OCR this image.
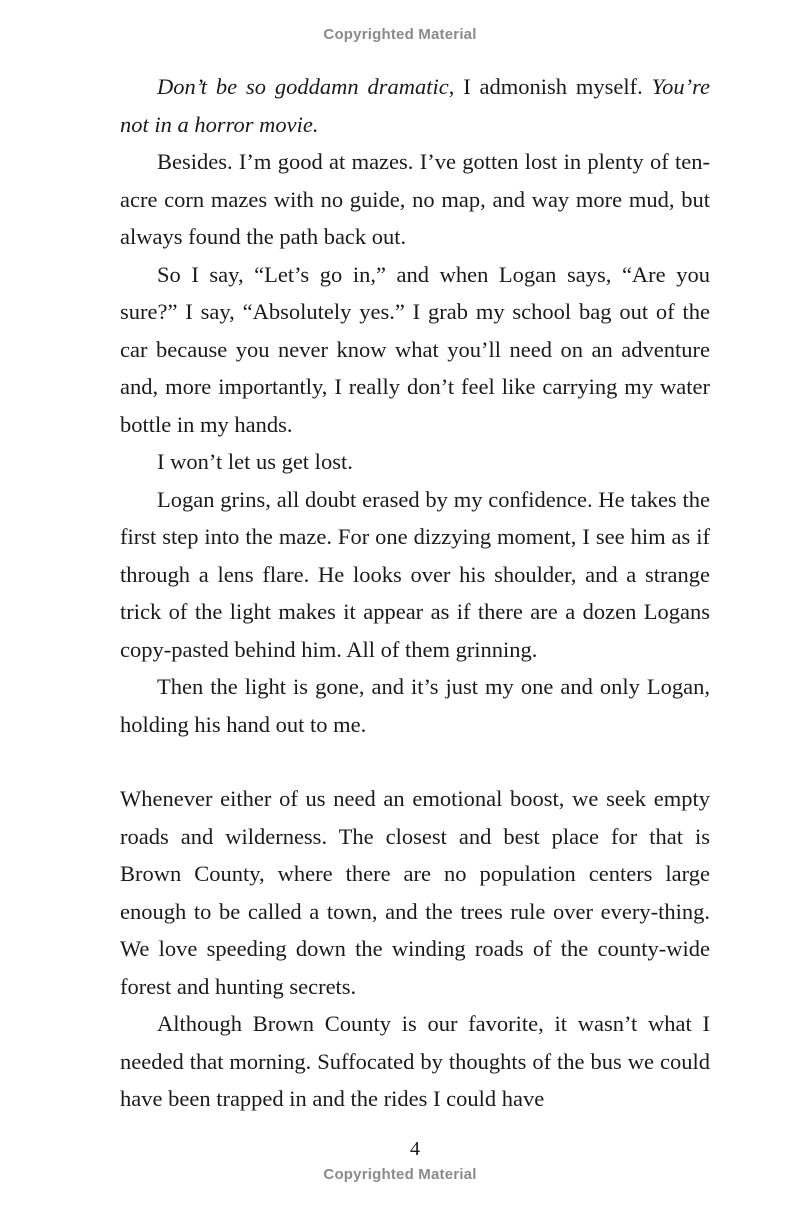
Copyrighted Material

Don’t be so goddamn dramatic, I admonish myself. You’re not in a horror movie.

Besides. I’m good at mazes. I’ve gotten lost in plenty of ten-acre corn mazes with no guide, no map, and way more mud, but always found the path back out.

So I say, “Let’s go in,” and when Logan says, “Are you sure?” I say, “Absolutely yes.” I grab my school bag out of the car because you never know what you’ll need on an adventure and, more importantly, I really don’t feel like carrying my water bottle in my hands.

I won’t let us get lost.

Logan grins, all doubt erased by my confidence. He takes the first step into the maze. For one dizzying moment, I see him as if through a lens flare. He looks over his shoulder, and a strange trick of the light makes it appear as if there are a dozen Logans copy-pasted behind him. All of them grinning.

Then the light is gone, and it’s just my one and only Logan, holding his hand out to me.

Whenever either of us need an emotional boost, we seek empty roads and wilderness. The closest and best place for that is Brown County, where there are no population centers large enough to be called a town, and the trees rule over every-thing. We love speeding down the winding roads of the county-wide forest and hunting secrets.

Although Brown County is our favorite, it wasn’t what I needed that morning. Suffocated by thoughts of the bus we could have been trapped in and the rides I could have

4
Copyrighted Material
